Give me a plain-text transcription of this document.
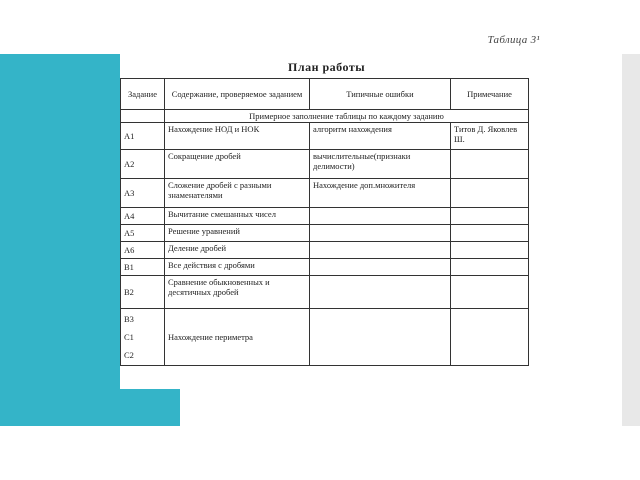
Таблица 3¹
План работы
Задание	Содержание, проверяемое заданием	Типичные ошибки	Примечание
	Примерное заполнение таблицы по каждому заданию		
А1	Нахождение НОД и НОК	алгоритм нахождения	Титов Д. Яковлев Ш.
А2	Сокращение дробей	вычислительные(признаки делимости)	
А3	Сложение дробей с разными знаменателями	Нахождение доп.множителя	
А4	Вычитание смешанных чисел		
А5	Решение уравнений		
А6	Деление дробей		
В1	Все действия с дробями		
В2	Сравнение обыкновенных и десятичных дробей		

В3
С1
С2	Нахождение периметра		
